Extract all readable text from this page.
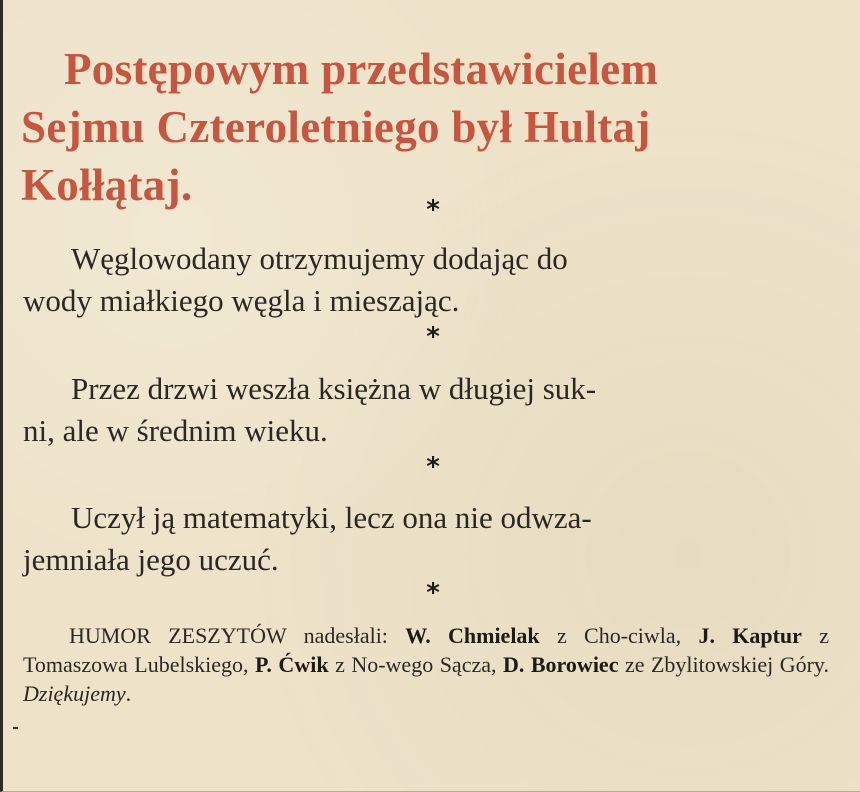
Postępowym przedstawicielem
Sejmu Czteroletniego był Hultaj
Kołłątaj.	*

Węglowodany otrzymujemy dodając do
wody miałkiego węgla i mieszając.

*

Przez drzwi weszła księżna w długiej suk-
ni, ale w średnim wieku.

*

Uczył ją matematyki, lecz ona nie odwza-
jemniała jego uczuć.

*

HUMOR ZESZYTÓW nadesłali: W. Chmielak z Cho-ciwla, J. Kaptur z Tomaszowa Lubelskiego, P. Ćwik z No-wego Sącza, D. Borowiec ze Zbylitowskiej Góry. Dziękujemy.
